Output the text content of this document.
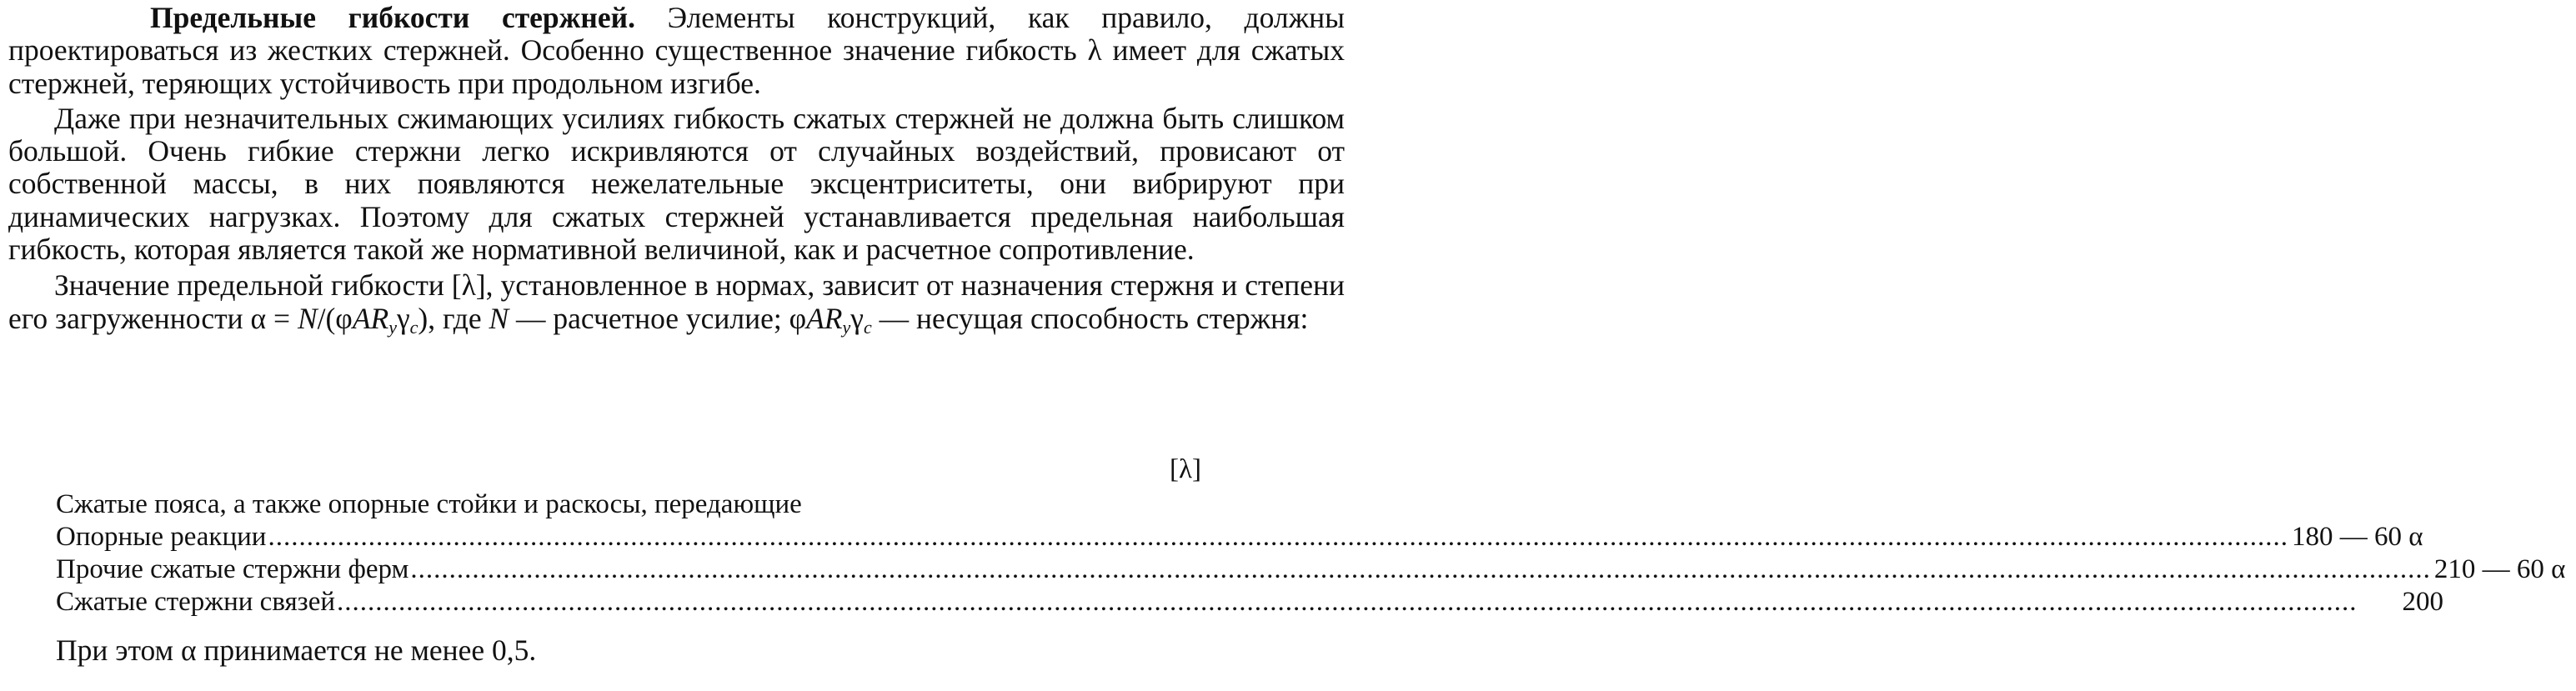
Предельные гибкости стержней. Элементы конструкций, как правило, должны проектироваться из жестких стержней. Особенно существенное значение гибкость λ имеет для сжатых стержней, теряющих устойчивость при продольном изгибе.

Даже при незначительных сжимающих усилиях гибкость сжатых стержней не должна быть слишком большой. Очень гибкие стержни легко искривляются от случайных воздействий, провисают от собственной массы, в них появляются нежелательные эксцентриситеты, они вибрируют при динамических нагрузках. Поэтому для сжатых стержней устанавливается предельная наибольшая гибкость, которая является такой же нормативной величиной, как и расчетное сопротивление.

Значение предельной гибкости [λ], установленное в нормах, зависит от назначения стержня и степени его загруженности $\alpha = N/(\varphi AR_y\gamma_c)$, где N — расчетное усилие; $\varphi AR_y\gamma_c$ — несущая способность стержня:

[λ]
Сжатые пояса, а также опорные стойки и раскосы, передающие
Опорные реакции ...................................................................................................................................................................................................................................................................... 180 — 60 α
Прочие сжатые стержни ферм ...................................................................................................................................................................................................................................................................... 210 — 60 α
Сжатые стержни связей ......................................................................................................................................................................................................................................................................	200
При этом α принимается не менее 0,5.
